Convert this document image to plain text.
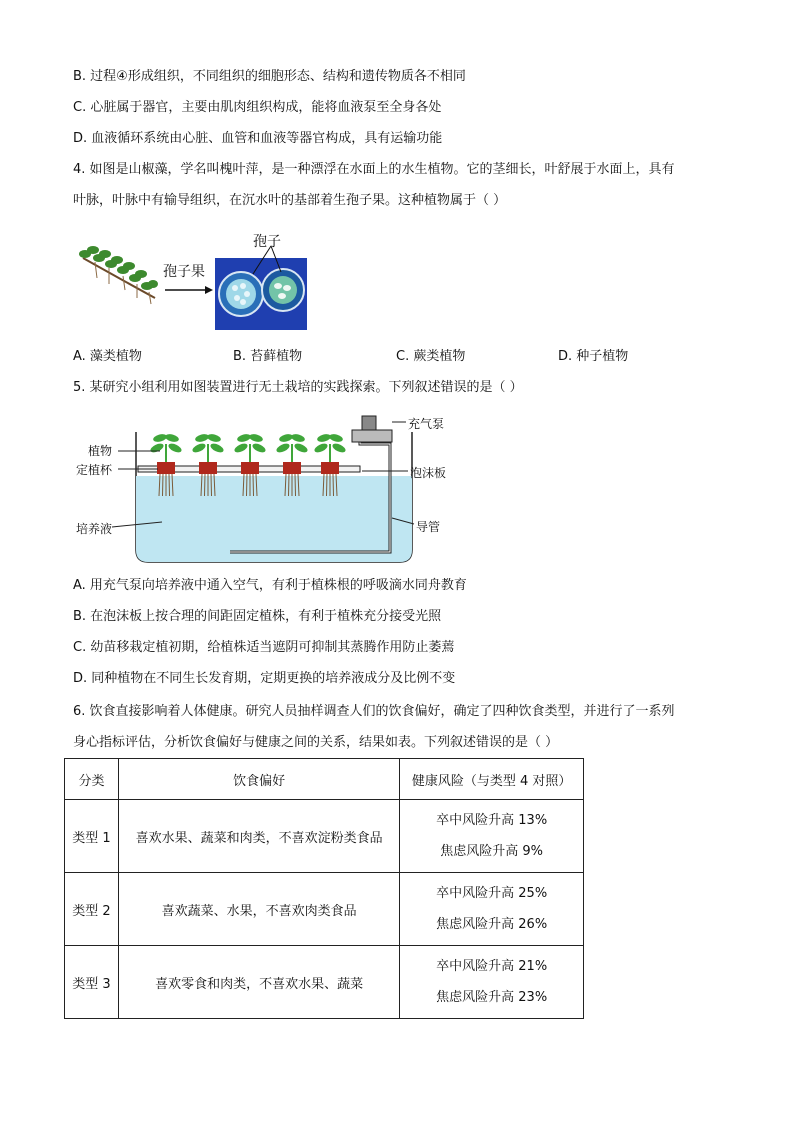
B. 过程④形成组织，不同组织的细胞形态、结构和遗传物质各不相同
C. 心脏属于器官，主要由肌肉组织构成，能将血液泵至全身各处
D. 血液循环系统由心脏、血管和血液等器官构成，具有运输功能
4. 如图是山椒藻，学名叫槐叶萍，是一种漂浮在水面上的水生植物。它的茎细长，叶舒展于水面上，具有
叶脉，叶脉中有输导组织，在沉水叶的基部着生孢子果。这种植物属于（ ）
孢子
孢子果
A. 藻类植物	B. 苔藓植物	C. 蕨类植物	D. 种子植物
5. 某研究小组利用如图装置进行无土栽培的实践探索。下列叙述错误的是（ ）
植物
定植杯
培养液
充气泵
泡沫板
导管
A. 用充气泵向培养液中通入空气，有利于植株根的呼吸滴水同舟教育
B. 在泡沫板上按合理的间距固定植株，有利于植株充分接受光照
C. 幼苗移栽定植初期，给植株适当遮阴可抑制其蒸腾作用防止萎蔫
D. 同种植物在不同生长发育期，定期更换的培养液成分及比例不变
6. 饮食直接影响着人体健康。研究人员抽样调查人们的饮食偏好，确定了四种饮食类型，并进行了一系列
身心指标评估，分析饮食偏好与健康之间的关系，结果如表。下列叙述错误的是（ ）
分类	饮食偏好	健康风险（与类型 4 对照）
类型 1	喜欢水果、蔬菜和肉类，不喜欢淀粉类食品	卒中风险升高 13%
焦虑风险升高 9%

类型 2	喜欢蔬菜、水果，不喜欢肉类食品	卒中风险升高 25%
焦虑风险升高 26%

类型 3	喜欢零食和肉类，不喜欢水果、蔬菜	卒中风险升高 21%
焦虑风险升高 23%
